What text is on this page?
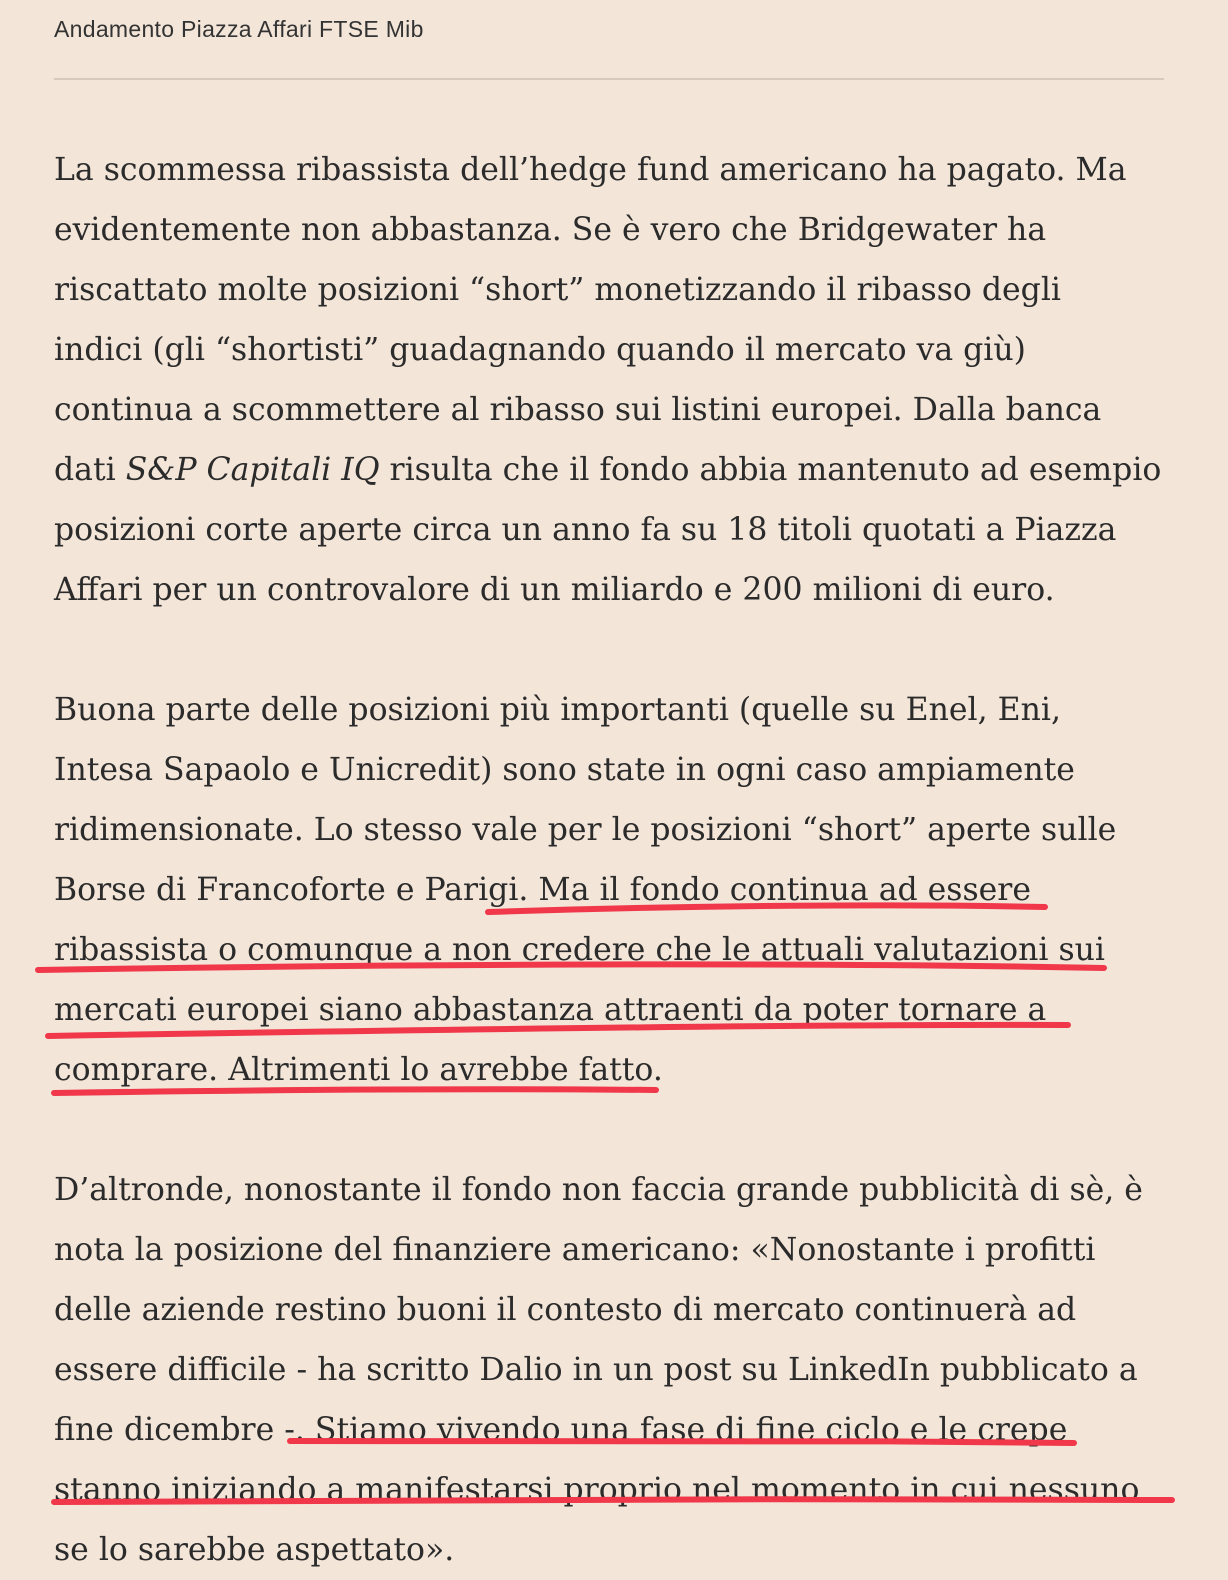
Andamento Piazza Affari FTSE Mib
La scommessa ribassista dell’hedge fund americano ha pagato. Ma
evidentemente non abbastanza. Se è vero che Bridgewater ha
riscattato molte posizioni “short” monetizzando il ribasso degli
indici (gli “shortisti” guadagnando quando il mercato va giù)
continua a scommettere al ribasso sui listini europei. Dalla banca
dati S&P Capitali IQ risulta che il fondo abbia mantenuto ad esempio
posizioni corte aperte circa un anno fa su 18 titoli quotati a Piazza
Affari per un controvalore di un miliardo e 200 milioni di euro.
Buona parte delle posizioni più importanti (quelle su Enel, Eni,
Intesa Sapaolo e Unicredit) sono state in ogni caso ampiamente
ridimensionate. Lo stesso vale per le posizioni “short” aperte sulle
Borse di Francoforte e Parigi. Ma il fondo continua ad essere
ribassista o comunque a non credere che le attuali valutazioni sui
mercati europei siano abbastanza attraenti da poter tornare a
comprare. Altrimenti lo avrebbe fatto.
D’altronde, nonostante il fondo non faccia grande pubblicità di sè, è
nota la posizione del finanziere americano: «Nonostante i profitti
delle aziende restino buoni il contesto di mercato continuerà ad
essere difficile - ha scritto Dalio in un post su LinkedIn pubblicato a
fine dicembre -. Stiamo vivendo una fase di fine ciclo e le crepe
stanno iniziando a manifestarsi proprio nel momento in cui nessuno
se lo sarebbe aspettato».
